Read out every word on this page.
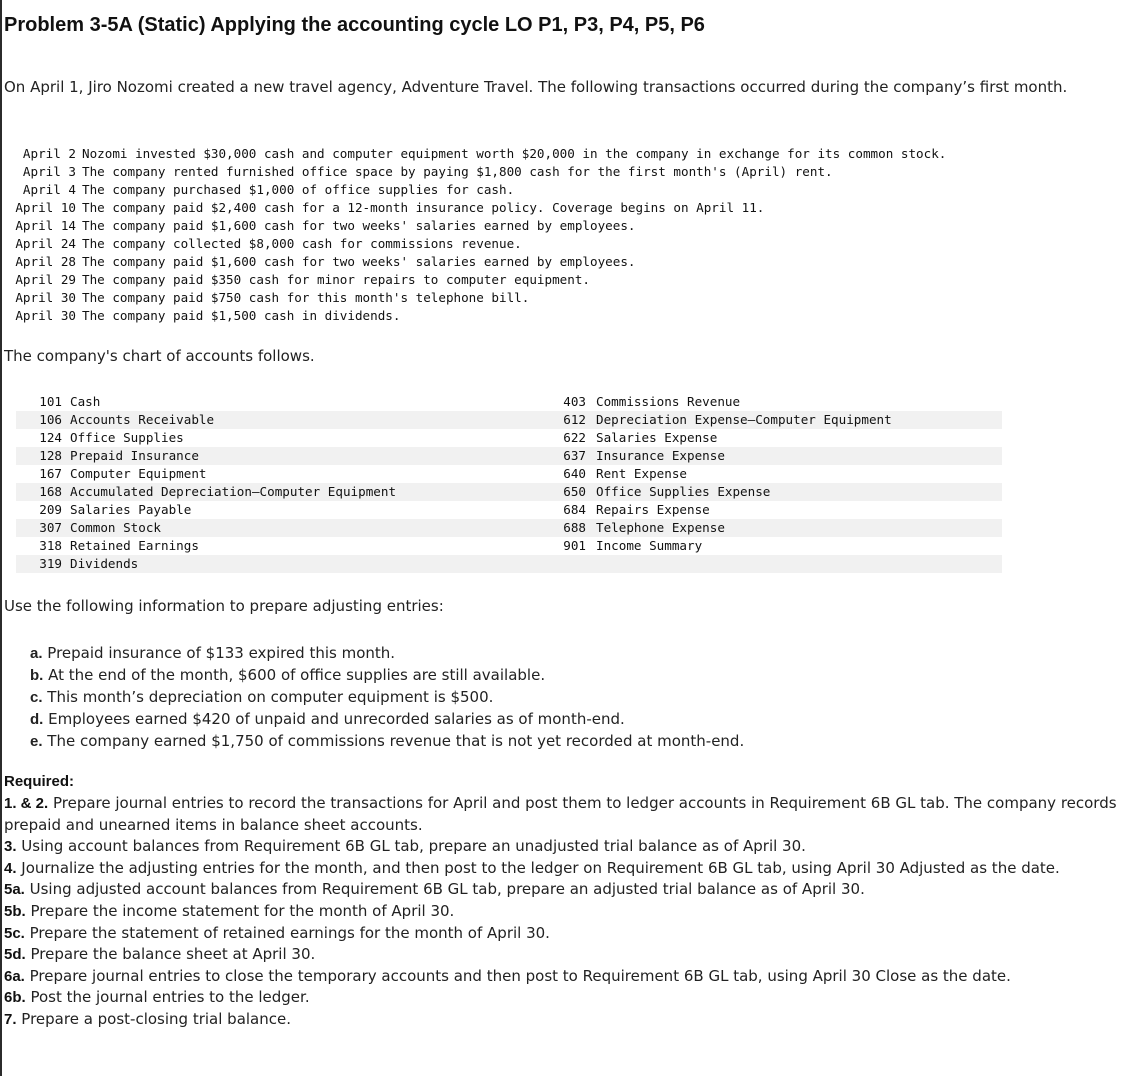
Problem 3-5A (Static) Applying the accounting cycle LO P1, P3, P4, P5, P6

On April 1, Jiro Nozomi created a new travel agency, Adventure Travel. The following transactions occurred during the company’s first month.

April 2 Nozomi invested $30,000 cash and computer equipment worth $20,000 in the company in exchange for its common stock.
April 3 The company rented furnished office space by paying $1,800 cash for the first month's (April) rent.
April 4 The company purchased $1,000 of office supplies for cash.
April 10 The company paid $2,400 cash for a 12-month insurance policy. Coverage begins on April 11.
April 14 The company paid $1,600 cash for two weeks' salaries earned by employees.
April 24 The company collected $8,000 cash for commissions revenue.
April 28 The company paid $1,600 cash for two weeks' salaries earned by employees.
April 29 The company paid $350 cash for minor repairs to computer equipment.
April 30 The company paid $750 cash for this month's telephone bill.
April 30 The company paid $1,500 cash in dividends.

The company's chart of accounts follows.

101	Cash	403	Commissions Revenue
106	Accounts Receivable	612	Depreciation Expense—Computer Equipment
124	Office Supplies	622	Salaries Expense
128	Prepaid Insurance	637	Insurance Expense
167	Computer Equipment	640	Rent Expense
168	Accumulated Depreciation—Computer Equipment	650	Office Supplies Expense
209	Salaries Payable	684	Repairs Expense
307	Common Stock	688	Telephone Expense
318	Retained Earnings	901	Income Summary
319	Dividends		

Use the following information to prepare adjusting entries:

a. Prepaid insurance of $133 expired this month.
b. At the end of the month, $600 of office supplies are still available.
c. This month’s depreciation on computer equipment is $500.
d. Employees earned $420 of unpaid and unrecorded salaries as of month-end.
e. The company earned $1,750 of commissions revenue that is not yet recorded at month-end.

Required:

1. & 2. Prepare journal entries to record the transactions for April and post them to ledger accounts in Requirement 6B GL tab. The company records prepaid and unearned items in balance sheet accounts.
3. Using account balances from Requirement 6B GL tab, prepare an unadjusted trial balance as of April 30.
4. Journalize the adjusting entries for the month, and then post to the ledger on Requirement 6B GL tab, using April 30 Adjusted as the date.
5a. Using adjusted account balances from Requirement 6B GL tab, prepare an adjusted trial balance as of April 30.
5b. Prepare the income statement for the month of April 30.
5c. Prepare the statement of retained earnings for the month of April 30.
5d. Prepare the balance sheet at April 30.
6a. Prepare journal entries to close the temporary accounts and then post to Requirement 6B GL tab, using April 30 Close as the date.
6b. Post the journal entries to the ledger.
7. Prepare a post-closing trial balance.
